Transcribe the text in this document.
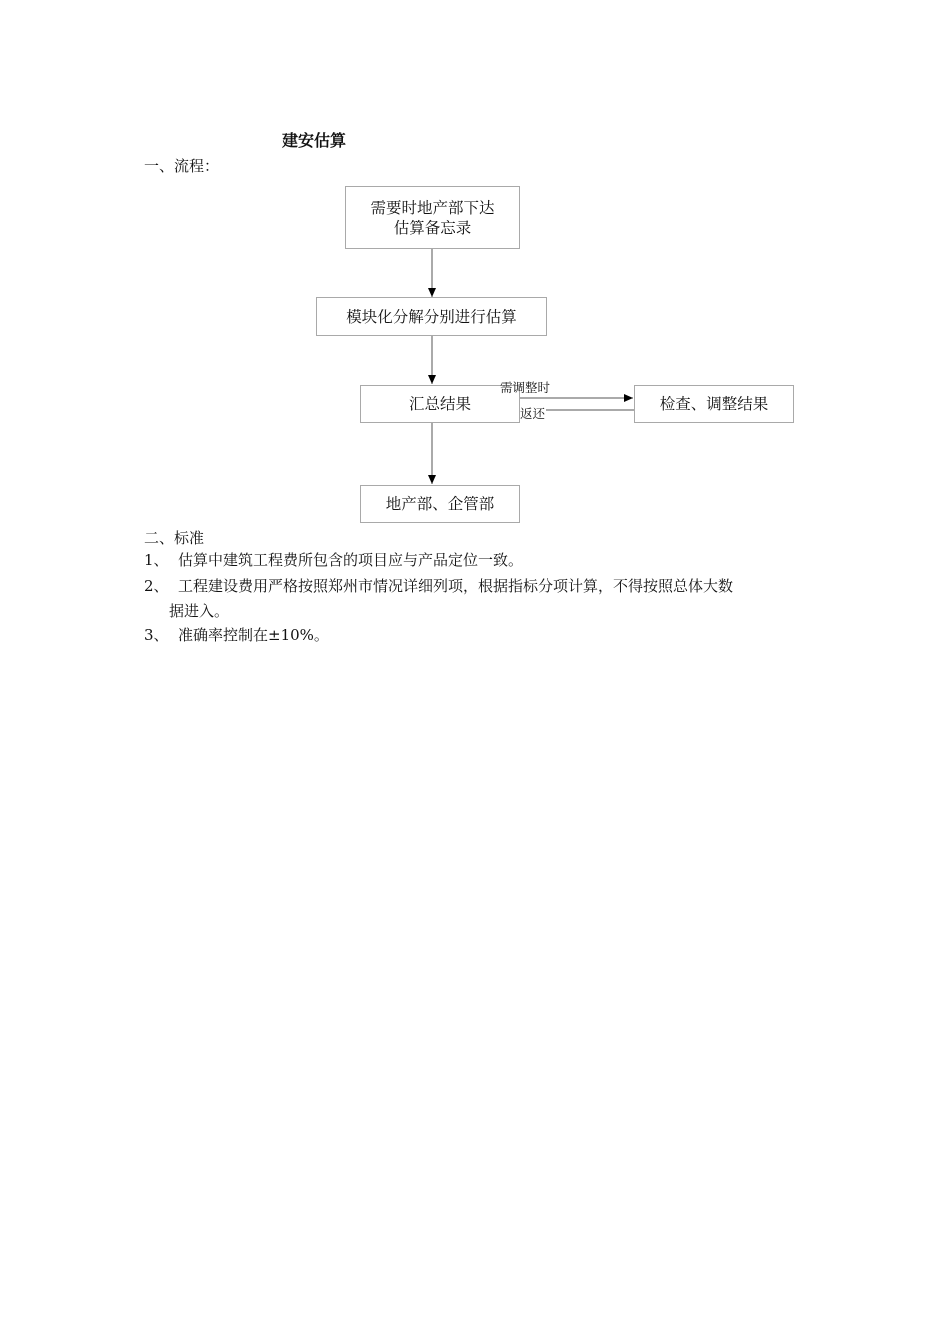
建安估算
一、流程：
需要时地产部下达
估算备忘录
模块化分解分别进行估算
汇总结果	检查、调整结果
地产部、企管部
需调整时
返还
二、标准
1、 估算中建筑工程费所包含的项目应与产品定位一致。
2、 工程建设费用严格按照郑州市情况详细列项，根据指标分项计算，不得按照总体大数
据进入。
3、 准确率控制在±10%。
